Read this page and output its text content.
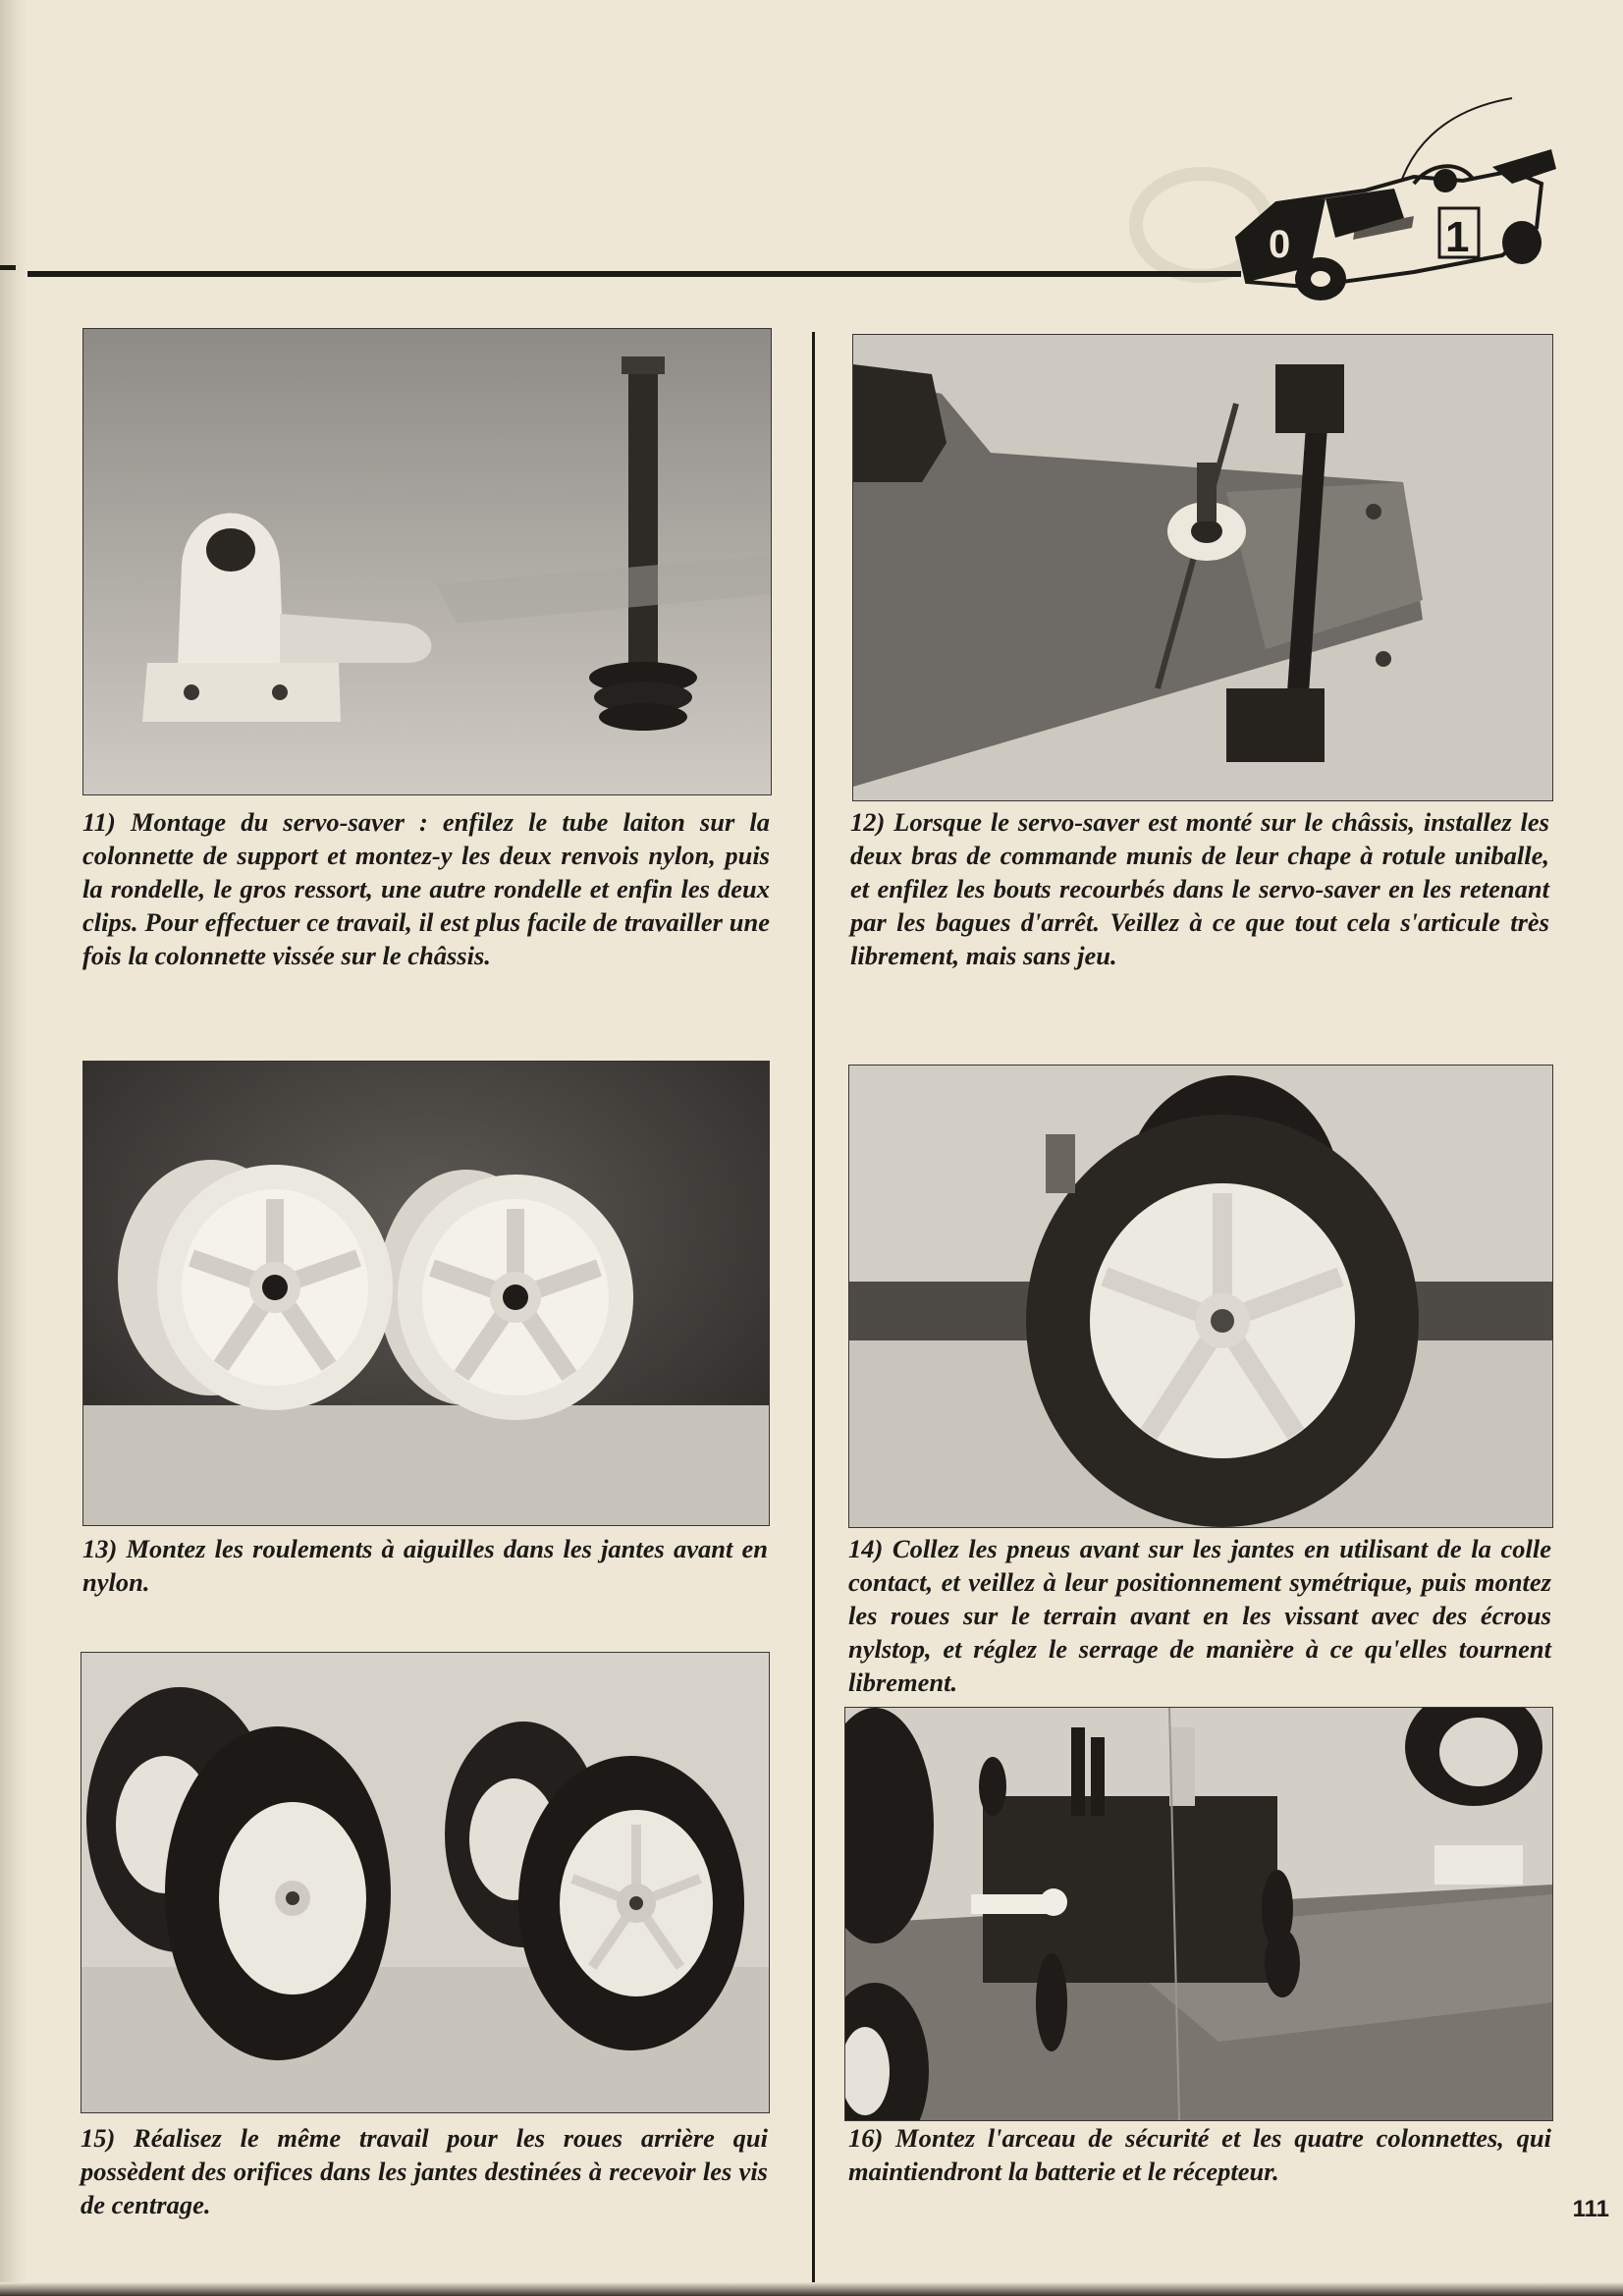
0	1

11) Montage du servo-saver : enfilez le tube laiton sur la colonnette de support et montez-y les deux renvois nylon, puis la rondelle, le gros ressort, une autre rondelle et enfin les deux clips. Pour effectuer ce travail, il est plus facile de travailler une fois la colonnette vissée sur le châssis.

12) Lorsque le servo-saver est monté sur le châssis, installez les deux bras de commande munis de leur chape à rotule uniballe, et enfilez les bouts recourbés dans le servo-saver en les retenant par les bagues d'arrêt. Veillez à ce que tout cela s'articule très librement, mais sans jeu.

13) Montez les roulements à aiguilles dans les jantes avant en nylon.

14) Collez les pneus avant sur les jantes en utilisant de la colle contact, et veillez à leur positionnement symétrique, puis montez les roues sur le terrain avant en les vissant avec des écrous nylstop, et réglez le serrage de manière à ce qu'elles tournent librement.

15) Réalisez le même travail pour les roues arrière qui possèdent des orifices dans les jantes destinées à recevoir les vis de centrage.

16) Montez l'arceau de sécurité et les quatre colonnettes, qui maintiendront la batterie et le récepteur.

111
